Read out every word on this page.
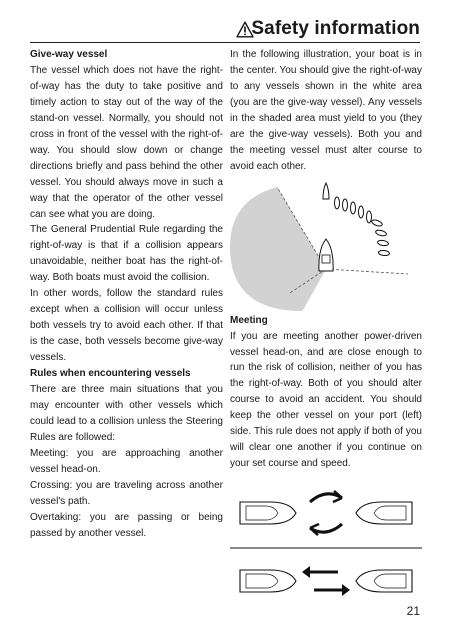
Safety information

Give-way vessel

The vessel which does not have the right-of-way has the duty to take positive and timely action to stay out of the way of the stand-on vessel. Normally, you should not cross in front of the vessel with the right-of-way. You should slow down or change directions briefly and pass behind the other vessel. You should always move in such a way that the operator of the other vessel can see what you are doing.

The General Prudential Rule regarding the right-of-way is that if a collision appears unavoidable, neither boat has the right-of-way. Both boats must avoid the collision.

In other words, follow the standard rules except when a collision will occur unless both vessels try to avoid each other. If that is the case, both vessels become give-way vessels.

Rules when encountering vessels

There are three main situations that you may encounter with other vessels which could lead to a collision unless the Steering Rules are followed:

Meeting: you are approaching another vessel head-on.

Crossing: you are traveling across another vessel's path.

Overtaking: you are passing or being passed by another vessel.

In the following illustration, your boat is in the center. You should give the right-of-way to any vessels shown in the white area (you are the give-way vessel). Any vessels in the shaded area must yield to you (they are the give-way vessels). Both you and the meeting vessel must alter course to avoid each other.

Meeting

If you are meeting another power-driven vessel head-on, and are close enough to run the risk of collision, neither of you has the right-of-way. Both of you should alter course to avoid an accident. You should keep the other vessel on your port (left) side. This rule does not apply if both of you will clear one another if you continue on your set course and speed.

21
